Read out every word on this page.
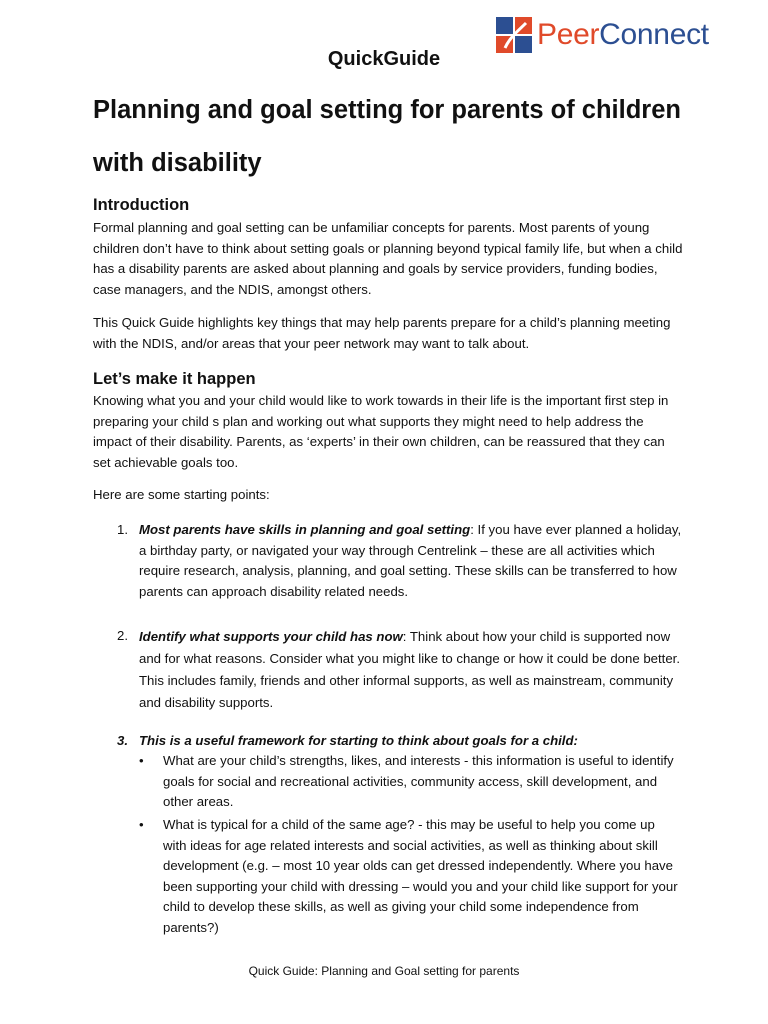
PeerConnect
QuickGuide
Planning and goal setting for parents of children with disability
Introduction

Formal planning and goal setting can be unfamiliar concepts for parents. Most parents of young children don’t have to think about setting goals or planning beyond typical family life, but when a child has a disability parents are asked about planning and goals by service providers, funding bodies, case managers, and the NDIS, amongst others.

This Quick Guide highlights key things that may help parents prepare for a child’s planning meeting with the NDIS, and/or areas that your peer network may want to talk about.

Let’s make it happen

Knowing what you and your child would like to work towards in their life is the important first step in preparing your child s plan and working out what supports they might need to help address the impact of their disability. Parents, as ‘experts’ in their own children, can be reassured that they can set achievable goals too.

Here are some starting points:

1. Most parents have skills in planning and goal setting: If you have ever planned a holiday, a birthday party, or navigated your way through Centrelink – these are all activities which require research, analysis, planning, and goal setting. These skills can be transferred to how parents can approach disability related needs.
2. Identify what supports your child has now: Think about how your child is supported now and for what reasons. Consider what you might like to change or how it could be done better. This includes family, friends and other informal supports, as well as mainstream, community and disability supports.
3. This is a useful framework for starting to think about goals for a child:
• What are your child’s strengths, likes, and interests - this information is useful to identify goals for social and recreational activities, community access, skill development, and other areas.
• What is typical for a child of the same age? - this may be useful to help you come up with ideas for age related interests and social activities, as well as thinking about skill development (e.g. – most 10 year olds can get dressed independently. Where you have been supporting your child with dressing – would you and your child like support for your child to develop these skills, as well as giving your child some independence from parents?)
Quick Guide: Planning and Goal setting for parents
